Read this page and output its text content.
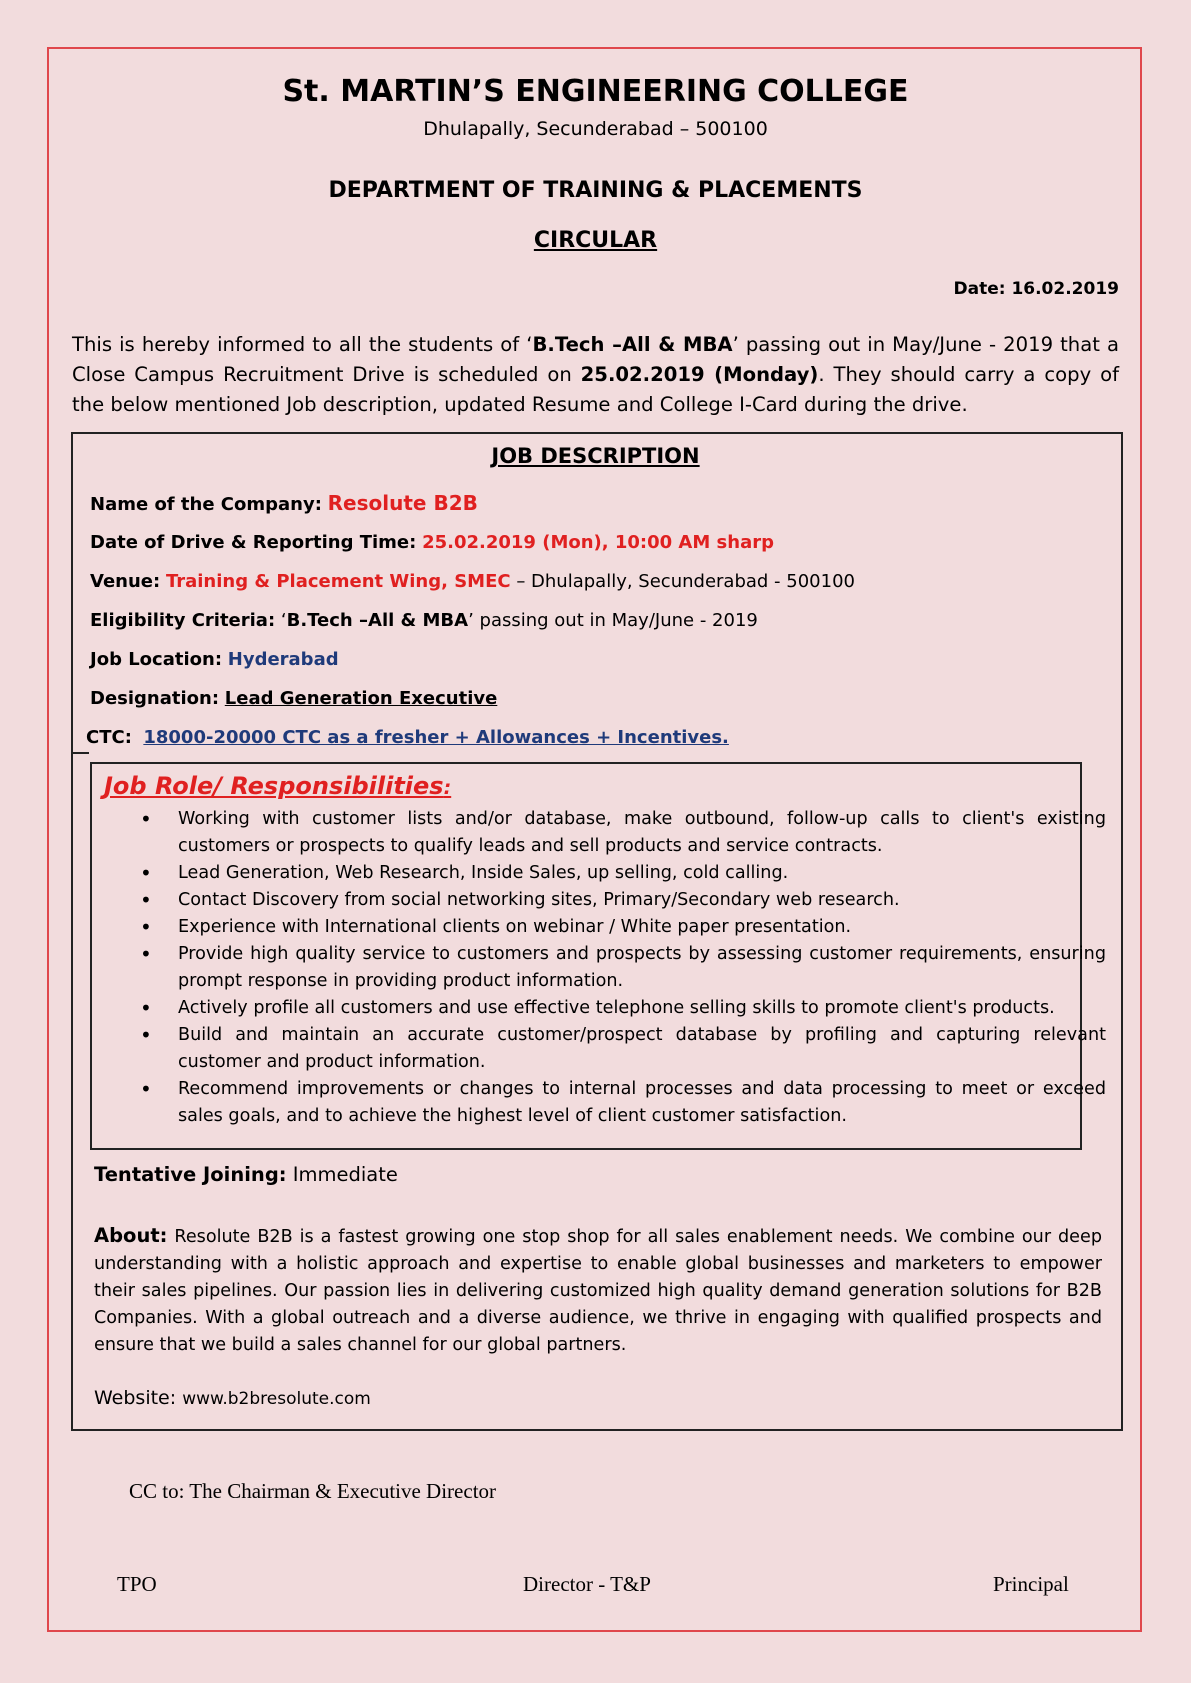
St. MARTIN’S ENGINEERING COLLEGE
Dhulapally, Secunderabad – 500100
DEPARTMENT OF TRAINING & PLACEMENTS
CIRCULAR
Date: 16.02.2019
This is hereby informed to all the students of ‘B.Tech –All & MBA’ passing out in May/June - 2019 that a Close Campus Recruitment Drive is scheduled on 25.02.2019 (Monday). They should carry a copy of the below mentioned Job description, updated Resume and College I-Card during the drive.
JOB DESCRIPTION
Name of the Company: Resolute B2B
Date of Drive & Reporting Time: 25.02.2019 (Mon), 10:00 AM sharp
Venue: Training & Placement Wing, SMEC – Dhulapally, Secunderabad - 500100
Eligibility Criteria: ‘B.Tech –All & MBA’ passing out in May/June - 2019
Job Location: Hyderabad
Designation: Lead Generation Executive
CTC: 18000-20000 CTC as a fresher + Allowances + Incentives.
Job Role/ Responsibilities:
• Working with customer lists and/or database, make outbound, follow-up calls to client's existing customers or prospects to qualify leads and sell products and service contracts.
• Lead Generation, Web Research, Inside Sales, up selling, cold calling.
• Contact Discovery from social networking sites, Primary/Secondary web research.
• Experience with International clients on webinar / White paper presentation.
• Provide high quality service to customers and prospects by assessing customer requirements, ensuring prompt response in providing product information.
• Actively profile all customers and use effective telephone selling skills to promote client's products.
• Build and maintain an accurate customer/prospect database by profiling and capturing relevant customer and product information.
• Recommend improvements or changes to internal processes and data processing to meet or exceed sales goals, and to achieve the highest level of client customer satisfaction.
Tentative Joining: Immediate
About: Resolute B2B is a fastest growing one stop shop for all sales enablement needs. We combine our deep understanding with a holistic approach and expertise to enable global businesses and marketers to empower their sales pipelines. Our passion lies in delivering customized high quality demand generation solutions for B2B Companies. With a global outreach and a diverse audience, we thrive in engaging with qualified prospects and ensure that we build a sales channel for our global partners.
Website: www.b2bresolute.com
CC to: The Chairman & Executive Director
TPO	Director - T&P	Principal
